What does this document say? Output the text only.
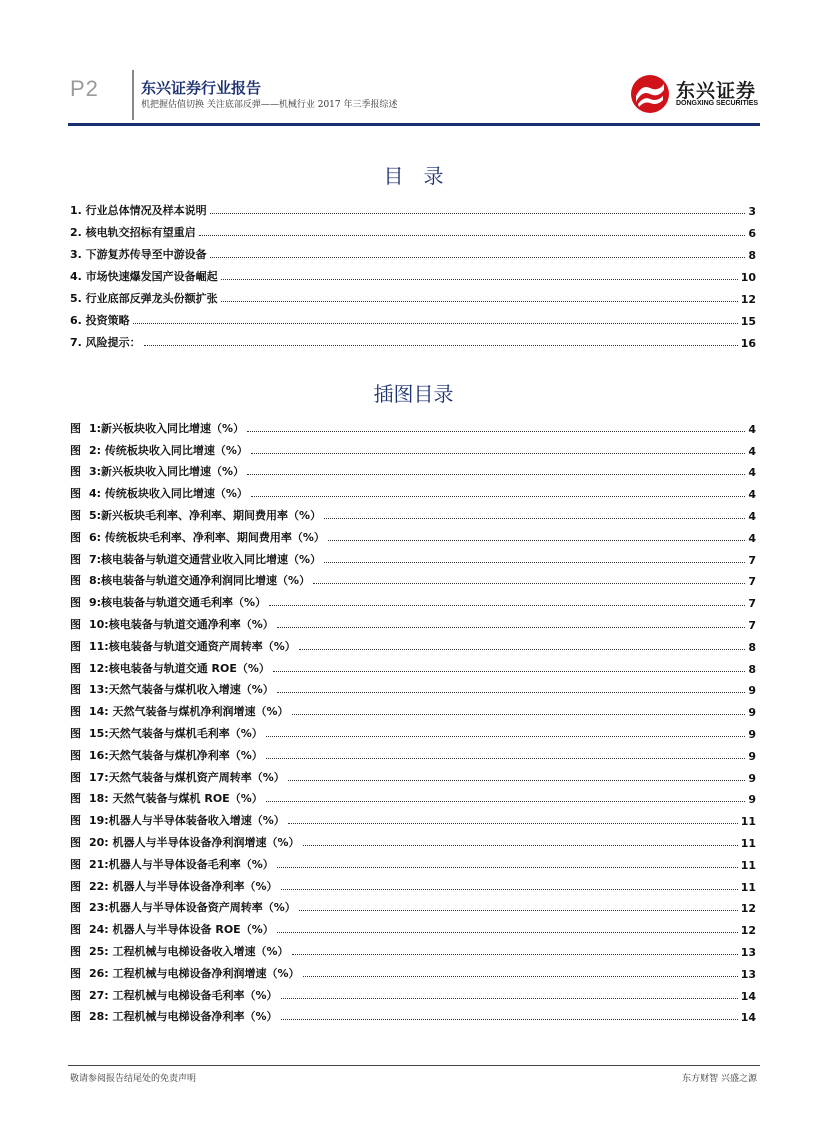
P2	东兴证券行业报告
机把握估值切换 关注底部反弹——机械行业 2017 年三季报综述
东兴证券
DONGXING SECURITIES
目　录
1. 行业总体情况及样本说明	3
2. 核电轨交招标有望重启	6
3. 下游复苏传导至中游设备	8
4. 市场快速爆发国产设备崛起	10
5. 行业底部反弹龙头份额扩张	12
6. 投资策略	15
7. 风险提示：	16
插图目录
图 1:新兴板块收入同比增速（%）	4
图 2: 传统板块收入同比增速（%）	4
图 3:新兴板块收入同比增速（%）	4
图 4: 传统板块收入同比增速（%）	4
图 5:新兴板块毛利率、净利率、期间费用率（%）	4
图 6: 传统板块毛利率、净利率、期间费用率（%）	4
图 7:核电装备与轨道交通营业收入同比增速（%）	7
图 8:核电装备与轨道交通净利润同比增速（%）	7
图 9:核电装备与轨道交通毛利率（%）	7
图 10:核电装备与轨道交通净利率（%）	7
图 11:核电装备与轨道交通资产周转率（%）	8
图 12:核电装备与轨道交通 ROE（%）	8
图 13:天然气装备与煤机收入增速（%）	9
图 14: 天然气装备与煤机净利润增速（%）	9
图 15:天然气装备与煤机毛利率（%）	9
图 16:天然气装备与煤机净利率（%）	9
图 17:天然气装备与煤机资产周转率（%）	9
图 18: 天然气装备与煤机 ROE（%）	9
图 19:机器人与半导体装备收入增速（%）	11
图 20: 机器人与半导体设备净利润增速（%）	11
图 21:机器人与半导体设备毛利率（%）	11
图 22: 机器人与半导体设备净利率（%）	11
图 23:机器人与半导体设备资产周转率（%）	12
图 24: 机器人与半导体设备 ROE（%）	12
图 25: 工程机械与电梯设备收入增速（%）	13
图 26: 工程机械与电梯设备净利润增速（%）	13
图 27: 工程机械与电梯设备毛利率（%）	14
图 28: 工程机械与电梯设备净利率（%）	14
敬请参阅报告结尾处的免责声明	东方财智 兴盛之源
